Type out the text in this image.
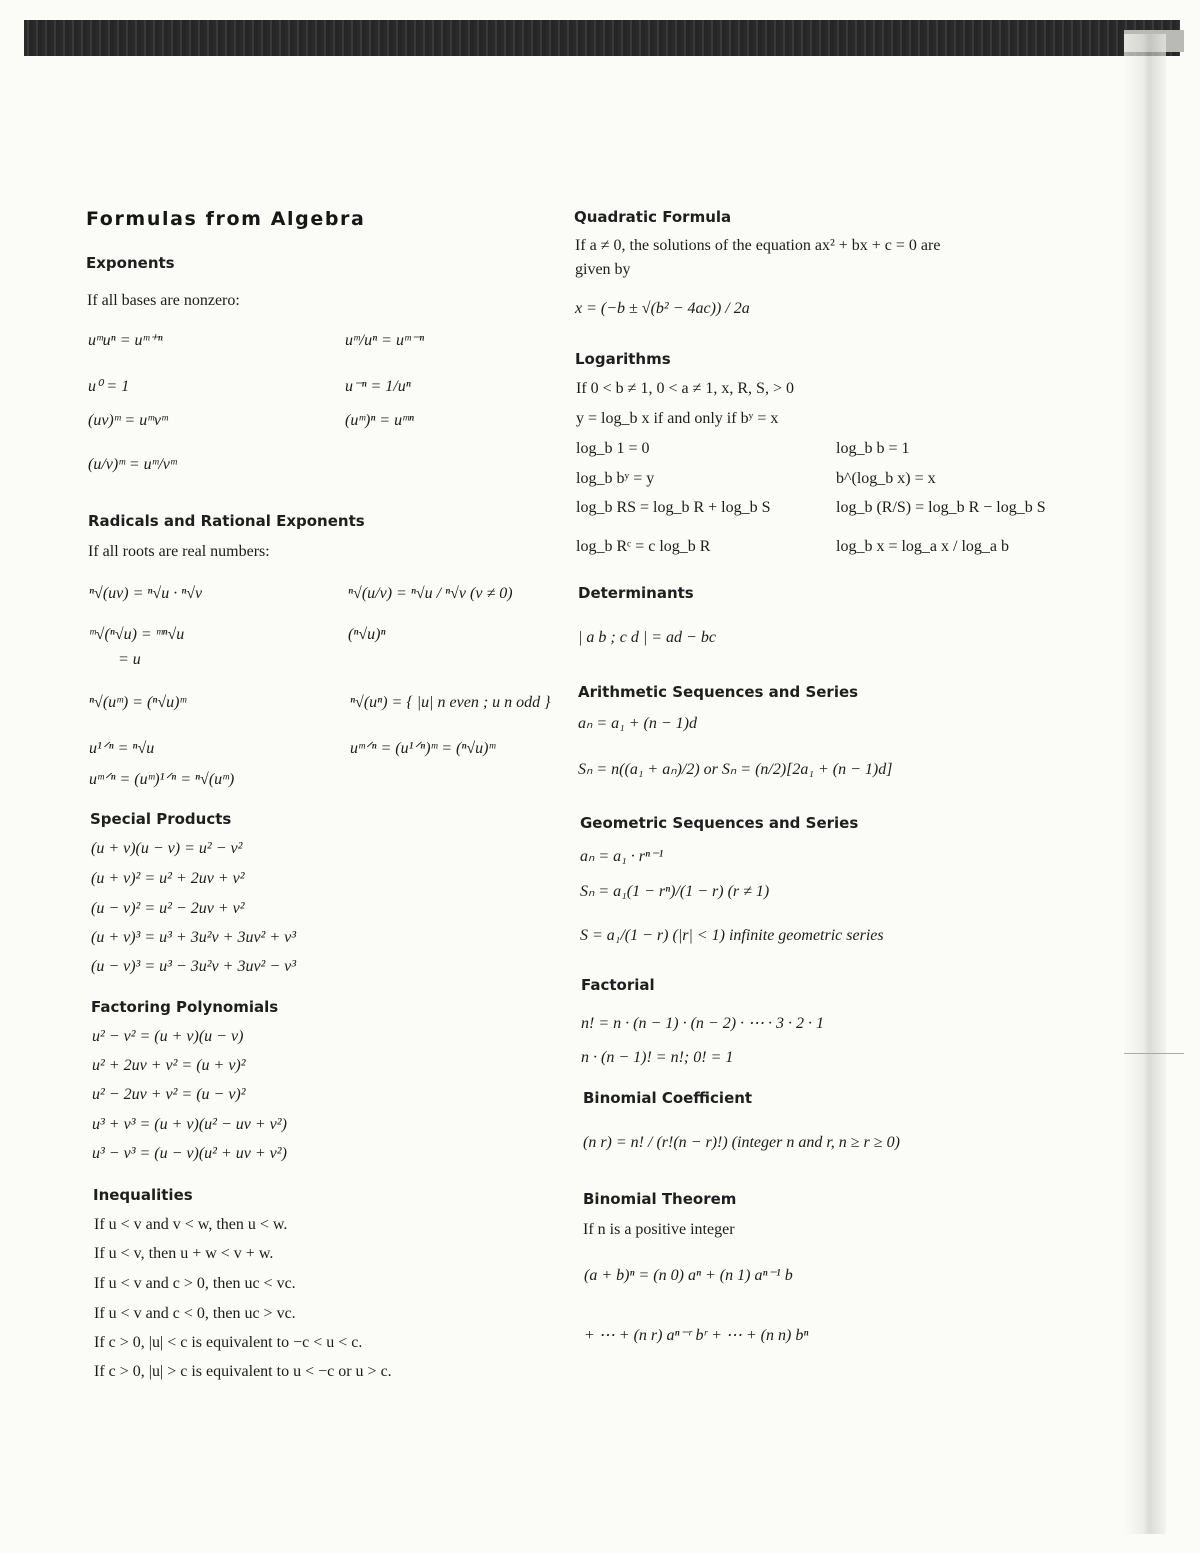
Formulas from Algebra
Exponents
If all bases are nonzero:
uᵐuⁿ = uᵐ⁺ⁿ	uᵐ/uⁿ = uᵐ⁻ⁿ
u⁰ = 1	u⁻ⁿ = 1/uⁿ
(uv)ᵐ = uᵐvᵐ	(uᵐ)ⁿ = uᵐⁿ
(u/v)ᵐ = uᵐ/vᵐ
Radicals and Rational Exponents
If all roots are real numbers:
ⁿ√(uv) = ⁿ√u · ⁿ√v	ⁿ√(u/v) = ⁿ√u / ⁿ√v (v ≠ 0)
ᵐ√(ⁿ√u) = ᵐⁿ√u	(ⁿ√u)ⁿ
= u
ⁿ√(uᵐ) = (ⁿ√u)ᵐ	ⁿ√(uⁿ) = { |u| n even ; u n odd }
u¹ᐟⁿ = ⁿ√u	uᵐᐟⁿ = (u¹ᐟⁿ)ᵐ = (ⁿ√u)ᵐ
uᵐᐟⁿ = (uᵐ)¹ᐟⁿ = ⁿ√(uᵐ)
Special Products
(u + v)(u − v) = u² − v²
(u + v)² = u² + 2uv + v²
(u − v)² = u² − 2uv + v²
(u + v)³ = u³ + 3u²v + 3uv² + v³
(u − v)³ = u³ − 3u²v + 3uv² − v³
Factoring Polynomials
u² − v² = (u + v)(u − v)
u² + 2uv + v² = (u + v)²
u² − 2uv + v² = (u − v)²
u³ + v³ = (u + v)(u² − uv + v²)
u³ − v³ = (u − v)(u² + uv + v²)
Inequalities
If u < v and v < w, then u < w.
If u < v, then u + w < v + w.
If u < v and c > 0, then uc < vc.
If u < v and c < 0, then uc > vc.
If c > 0, |u| < c is equivalent to −c < u < c.
If c > 0, |u| > c is equivalent to u < −c or u > c.
Quadratic Formula
If a ≠ 0, the solutions of the equation ax² + bx + c = 0 are
given by
x = (−b ± √(b² − 4ac)) / 2a
Logarithms
If 0 < b ≠ 1, 0 < a ≠ 1, x, R, S, > 0
y = log_b x if and only if bʸ = x
log_b 1 = 0	log_b b = 1
log_b bʸ = y	b^(log_b x) = x
log_b RS = log_b R + log_b S	log_b (R/S) = log_b R − log_b S
log_b Rᶜ = c log_b R	log_b x = log_a x / log_a b
Determinants
| a b ; c d | = ad − bc
Arithmetic Sequences and Series
aₙ = a₁ + (n − 1)d
Sₙ = n((a₁ + aₙ)/2) or Sₙ = (n/2)[2a₁ + (n − 1)d]
Geometric Sequences and Series
aₙ = a₁ · rⁿ⁻¹
Sₙ = a₁(1 − rⁿ)/(1 − r) (r ≠ 1)
S = a₁/(1 − r) (|r| < 1) infinite geometric series
Factorial
n! = n · (n − 1) · (n − 2) · ⋯ · 3 · 2 · 1
n · (n − 1)! = n!; 0! = 1
Binomial Coefficient
(n r) = n! / (r!(n − r)!) (integer n and r, n ≥ r ≥ 0)
Binomial Theorem
If n is a positive integer
(a + b)ⁿ = (n 0) aⁿ + (n 1) aⁿ⁻¹ b
+ ⋯ + (n r) aⁿ⁻ʳ bʳ + ⋯ + (n n) bⁿ
